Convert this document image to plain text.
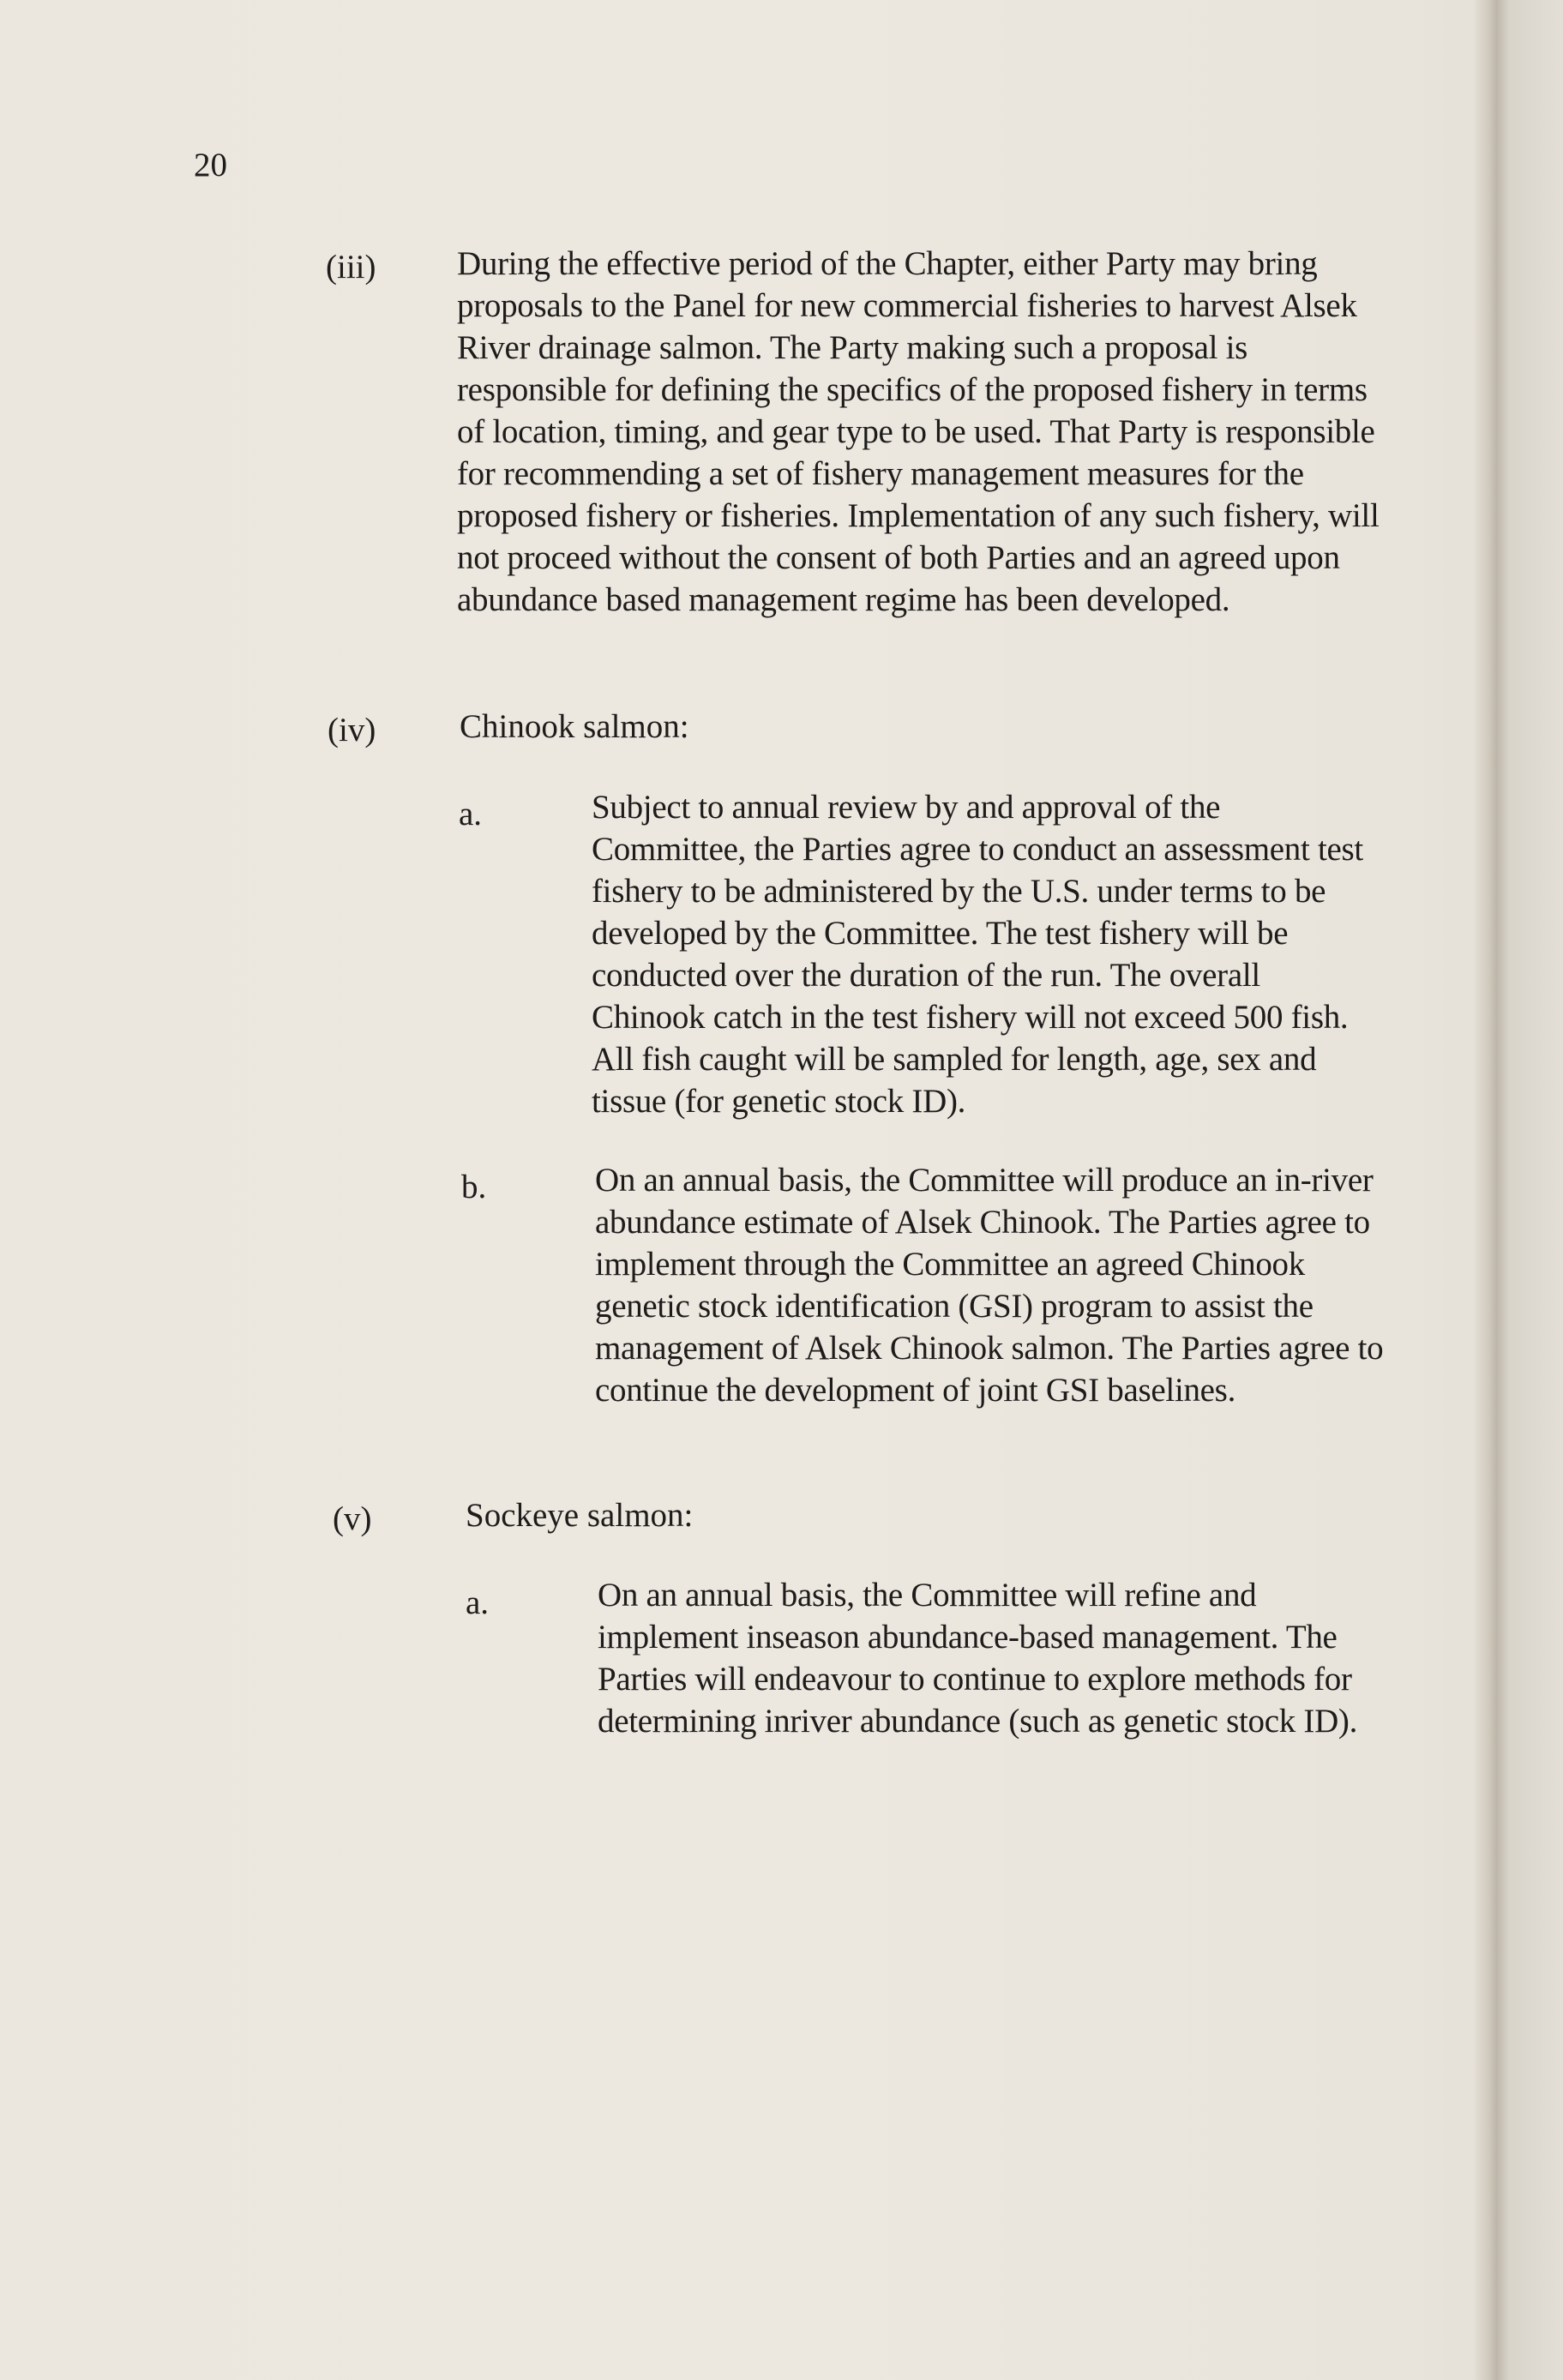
20
(iii) During the effective period of the Chapter, either Party may bring proposals to the Panel for new commercial fisheries to harvest Alsek River drainage salmon. The Party making such a proposal is responsible for defining the specifics of the proposed fishery in terms of location, timing, and gear type to be used. That Party is responsible for recommending a set of fishery management measures for the proposed fishery or fisheries. Implementation of any such fishery, will not proceed without the consent of both Parties and an agreed upon abundance based management regime has been developed.

(iv)	Chinook salmon:
a.	Subject to annual review by and approval of the Committee, the Parties agree to conduct an assessment test fishery to be administered by the U.S. under terms to be developed by the Committee. The test fishery will be conducted over the duration of the run. The overall Chinook catch in the test fishery will not exceed 500 fish. All fish caught will be sampled for length, age, sex and tissue (for genetic stock ID).

b.	On an annual basis, the Committee will produce an in-river abundance estimate of Alsek Chinook. The Parties agree to implement through the Committee an agreed Chinook genetic stock identification (GSI) program to assist the management of Alsek Chinook salmon. The Parties agree to continue the development of joint GSI baselines.

(v)	Sockeye salmon:
a.	On an annual basis, the Committee will refine and implement inseason abundance-based management. The Parties will endeavour to continue to explore methods for determining inriver abundance (such as genetic stock ID).
